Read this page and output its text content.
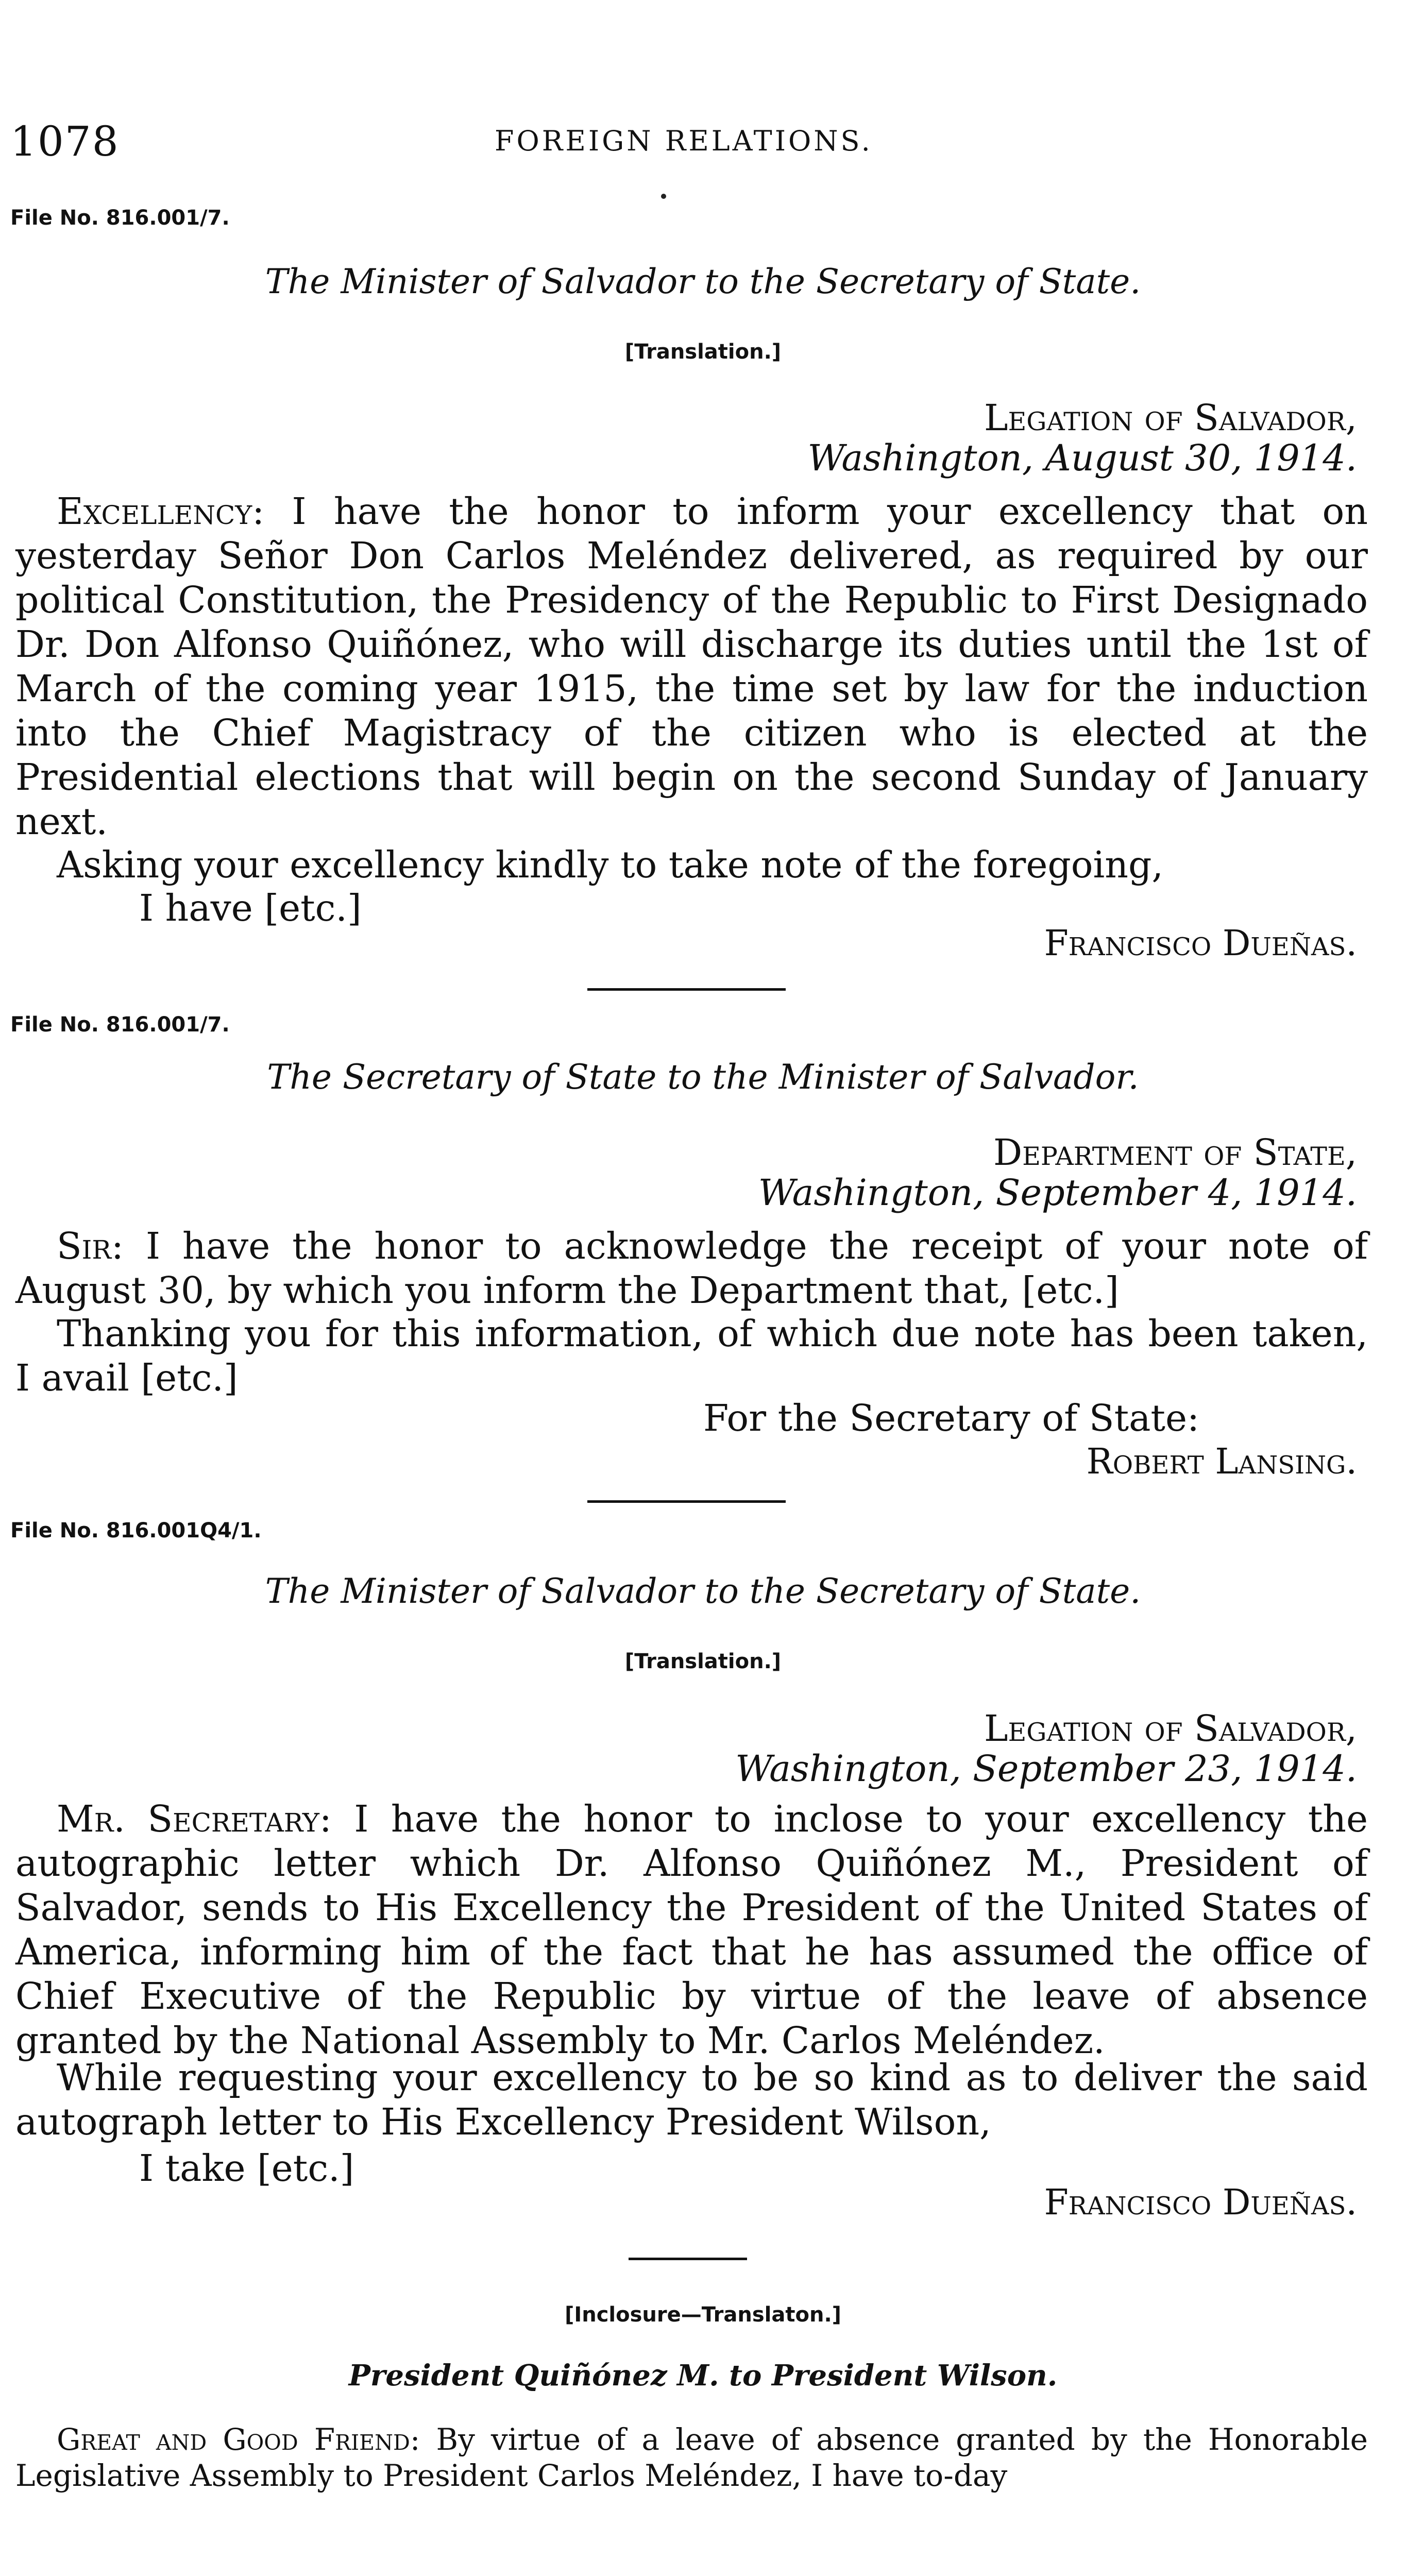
1078	FOREIGN RELATIONS.
File No. 816.001/7.
The Minister of Salvador to the Secretary of State.
[Translation.]
Legation of Salvador,
Washington, August 30, 1914.

Excellency: I have the honor to inform your excellency that on yesterday Señor Don Carlos Meléndez delivered, as required by our political Constitution, the Presidency of the Republic to First Designado Dr. Don Alfonso Quiñónez, who will discharge its duties until the 1st of March of the coming year 1915, the time set by law for the induction into the Chief Magistracy of the citizen who is elected at the Presidential elections that will begin on the second Sunday of January next.

Asking your excellency kindly to take note of the foregoing,

I have [etc.]
Francisco Dueñas.
File No. 816.001/7.
The Secretary of State to the Minister of Salvador.
Department of State,
Washington, September 4, 1914.

Sir: I have the honor to acknowledge the receipt of your note of August 30, by which you inform the Department that, [etc.]

Thanking you for this information, of which due note has been taken, I avail [etc.]

For the Secretary of State:
Robert Lansing.
File No. 816.001Q4/1.
The Minister of Salvador to the Secretary of State.
[Translation.]
Legation of Salvador,
Washington, September 23, 1914.

Mr. Secretary: I have the honor to inclose to your excellency the autographic letter which Dr. Alfonso Quiñónez M., President of Salvador, sends to His Excellency the President of the United States of America, informing him of the fact that he has assumed the office of Chief Executive of the Republic by virtue of the leave of absence granted by the National Assembly to Mr. Carlos Meléndez.

While requesting your excellency to be so kind as to deliver the said autograph letter to His Excellency President Wilson,

I take [etc.]
Francisco Dueñas.
[Inclosure—Translaton.]
President Quiñónez M. to President Wilson.

Great and Good Friend: By virtue of a leave of absence granted by the Honorable Legislative Assembly to President Carlos Meléndez, I have to-day
